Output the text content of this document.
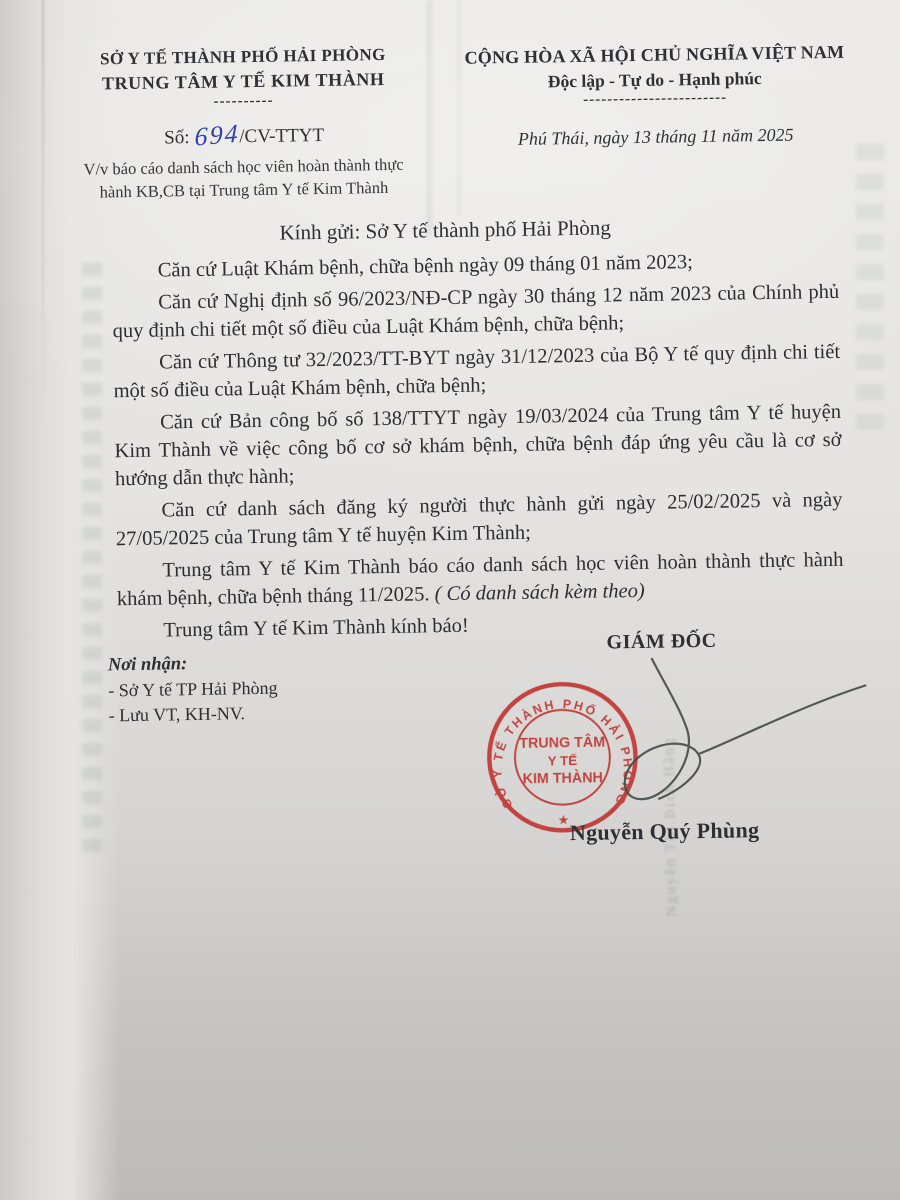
SỞ Y TẾ THÀNH PHỐ HẢI PHÒNG
TRUNG TÂM Y TẾ KIM THÀNH
----------
Số: 694/CV-TTYT
V/v báo cáo danh sách học viên hoàn thành thực
hành KB,CB tại Trung tâm Y tế Kim Thành
CỘNG HÒA XÃ HỘI CHỦ NGHĨA VIỆT NAM
Độc lập - Tự do - Hạnh phúc
------------------------
Phú Thái, ngày 13 tháng 11 năm 2025
Kính gửi: Sở Y tế thành phố Hải Phòng

Căn cứ Luật Khám bệnh, chữa bệnh ngày 09 tháng 01 năm 2023;

Căn cứ Nghị định số 96/2023/NĐ-CP ngày 30 tháng 12 năm 2023 của Chính phủ quy định chi tiết một số điều của Luật Khám bệnh, chữa bệnh;

Căn cứ Thông tư 32/2023/TT-BYT ngày 31/12/2023 của Bộ Y tế quy định chi tiết một số điều của Luật Khám bệnh, chữa bệnh;

Căn cứ Bản công bố số 138/TTYT ngày 19/03/2024 của Trung tâm Y tế huyện Kim Thành về việc công bố cơ sở khám bệnh, chữa bệnh đáp ứng yêu cầu là cơ sở hướng dẫn thực hành;

Căn cứ danh sách đăng ký người thực hành gửi ngày 25/02/2025 và ngày 27/05/2025 của Trung tâm Y tế huyện Kim Thành;

Trung tâm Y tế Kim Thành báo cáo danh sách học viên hoàn thành thực hành khám bệnh, chữa bệnh tháng 11/2025. ( Có danh sách kèm theo)

Trung tâm Y tế Kim Thành kính báo!

GIÁM ĐỐC
Nơi nhận:
- Sở Y tế TP Hải Phòng
- Lưu VT, KH-NV.
SỞ Y TẾ THÀNH PHỐ HẢI PHÒNG
★
TRUNG TÂM
Y TẾ
KIM THÀNH	Nguyễn Thị Bích Hằng
Nguyễn Quý Phùng
